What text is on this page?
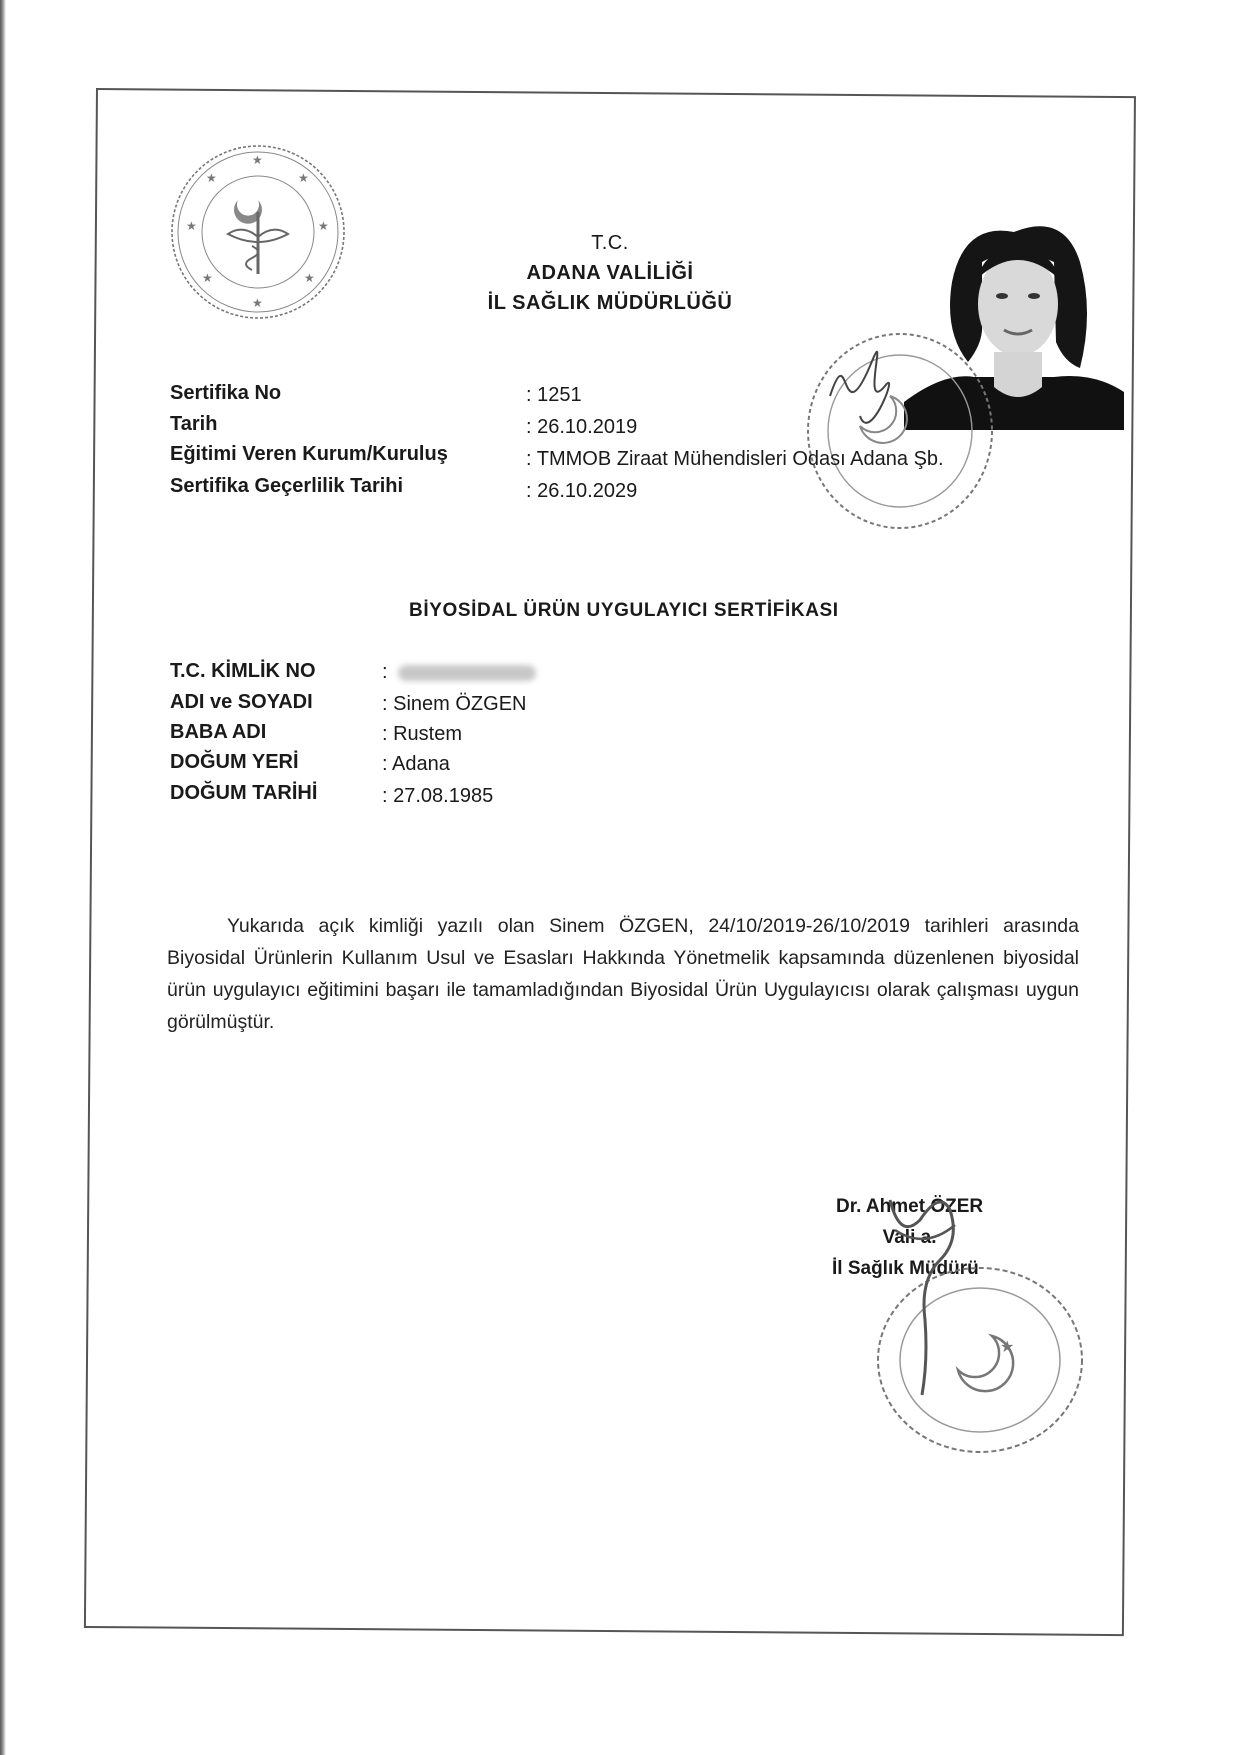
★
★	★
★	★
★	★
★
T.C.
ADANA VALİLİĞİ
İL SAĞLIK MÜDÜRLÜĞÜ
Sertifika No	: 1251
Tarih	: 26.10.2019
Eğitimi Veren Kurum/Kuruluş	: TMMOB Ziraat Mühendisleri Odası Adana Şb.
Sertifika Geçerlilik Tarihi	: 26.10.2029
BİYOSİDAL ÜRÜN UYGULAYICI SERTİFİKASI
T.C. KİMLİK NO	:
ADI ve SOYADI	: Sinem ÖZGEN
BABA ADI	: Rustem
DOĞUM YERİ	: Adana
DOĞUM TARİHİ	: 27.08.1985
Yukarıda açık kimliği yazılı olan Sinem ÖZGEN, 24/10/2019-26/10/2019 tarihleri arasında Biyosidal Ürünlerin Kullanım Usul ve Esasları Hakkında Yönetmelik kapsamında düzenlenen biyosidal ürün uygulayıcı eğitimini başarı ile tamamladığından Biyosidal Ürün Uygulayıcısı olarak çalışması uygun görülmüştür.
Dr. Ahmet ÖZER
Vali a.
İl Sağlık Müdürü
★
